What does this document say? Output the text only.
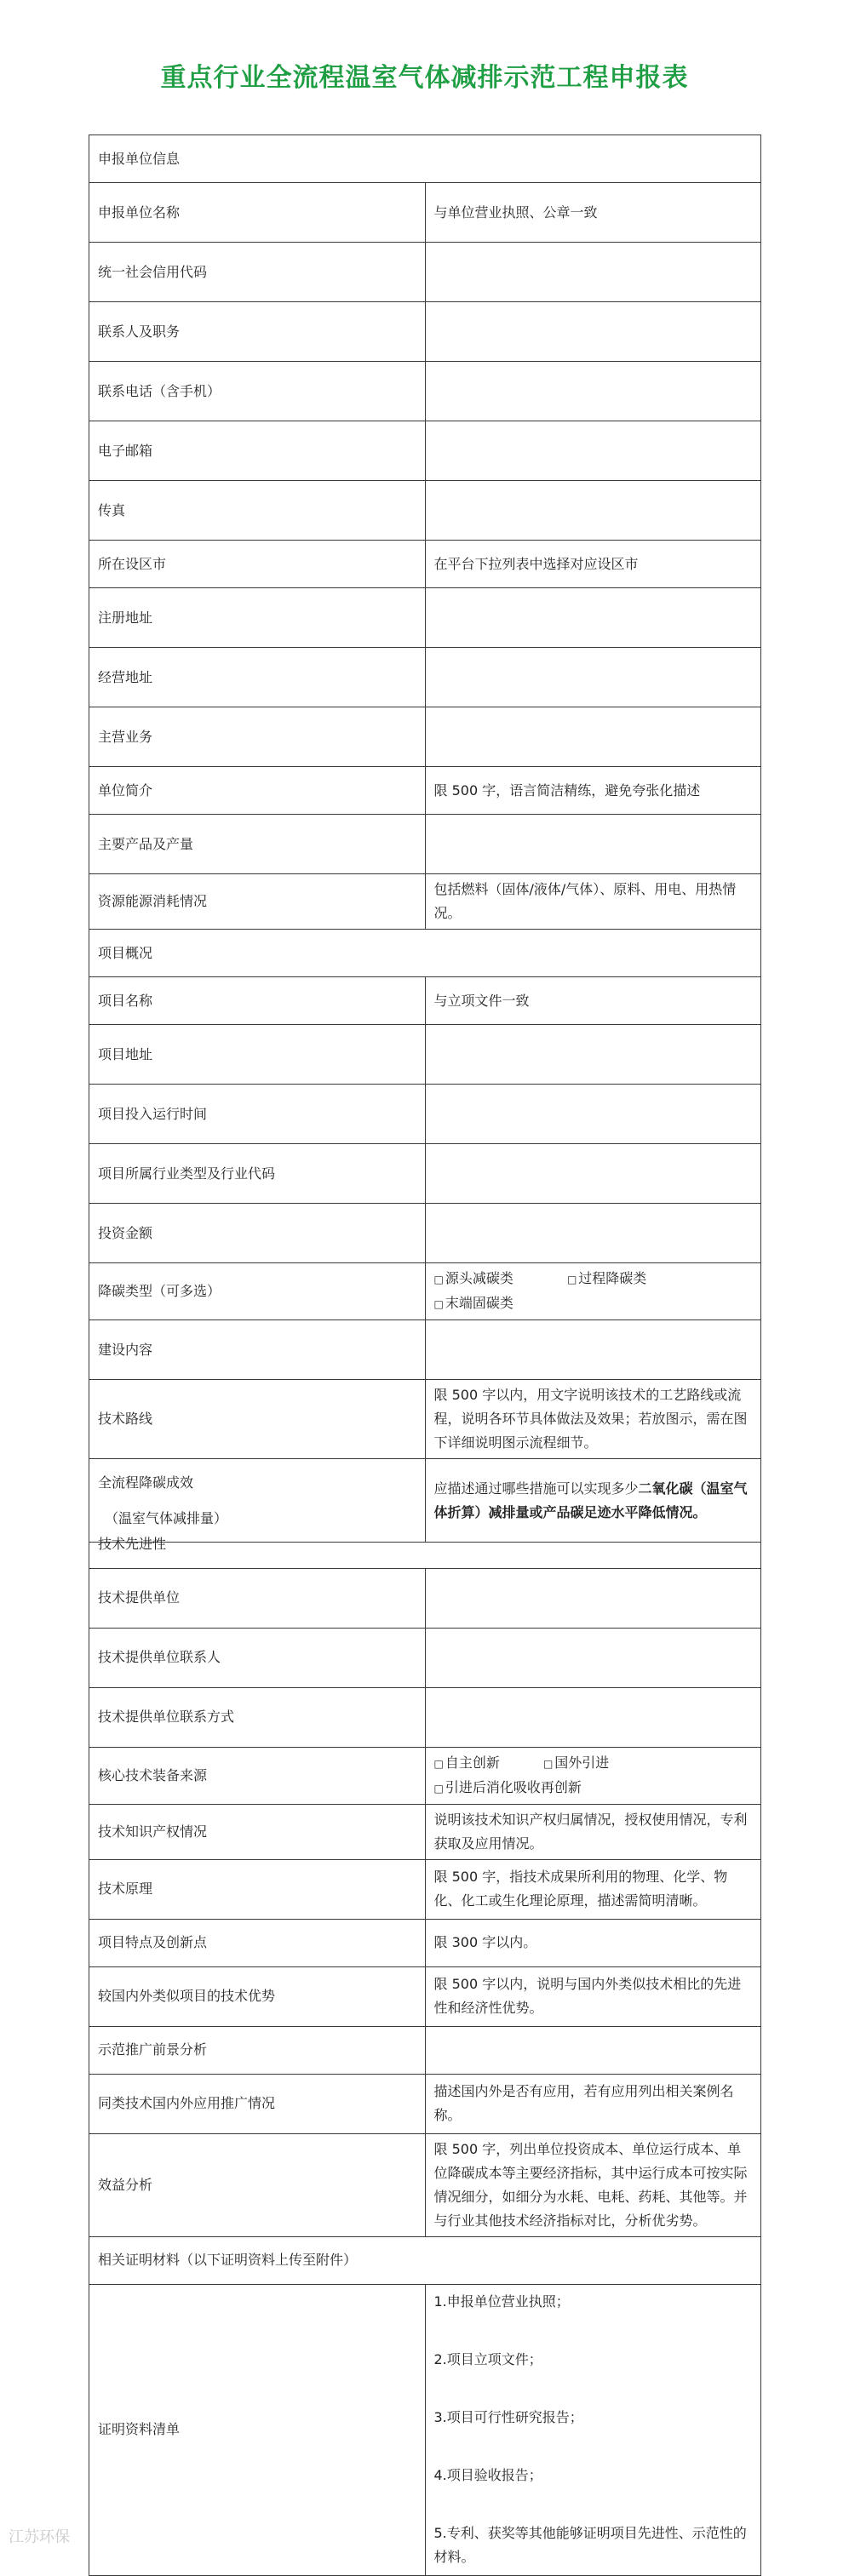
重点行业全流程温室气体减排示范工程申报表
申报单位信息	
申报单位名称	与单位营业执照、公章一致
统一社会信用代码	
联系人及职务	
联系电话（含手机）	
电子邮箱	
传真	
所在设区市	在平台下拉列表中选择对应设区市
注册地址	
经营地址	
主营业务	
单位简介	限 500 字，语言简洁精练，避免夸张化描述
主要产品及产量	
资源能源消耗情况	包括燃料（固体/液体/气体）、原料、用电、用热情况。
项目概况	
项目名称	与立项文件一致
项目地址	
项目投入运行时间	
项目所属行业类型及行业代码	
投资金额	
降碳类型（可多选）	□ 源头减碳类 □ 过程降碳类 □ 末端固碳类
建设内容	
技术路线	限 500 字以内，用文字说明该技术的工艺路线或流程，说明各环节具体做法及效果；若放图示，需在图下详细说明图示流程细节。

全流程降碳成效
（温室气体减排量）	应描述通过哪些措施可以实现多少二氧化碳（温室气体折算）减排量或产品碳足迹水平降低情况。
技术先进性	
技术提供单位	
技术提供单位联系人	
技术提供单位联系方式	
核心技术装备来源	□ 自主创新 □ 国外引进 □ 引进后消化吸收再创新
技术知识产权情况	说明该技术知识产权归属情况，授权使用情况，专利获取及应用情况。
技术原理	限 500 字，指技术成果所利用的物理、化学、物化、化工或生化理论原理，描述需简明清晰。
项目特点及创新点	限 300 字以内。
较国内外类似项目的技术优势	限 500 字以内，说明与国内外类似技术相比的先进性和经济性优势。
示范推广前景分析	
同类技术国内外应用推广情况	描述国内外是否有应用，若有应用列出相关案例名称。
效益分析	限 500 字，列出单位投资成本、单位运行成本、单位降碳成本等主要经济指标，其中运行成本可按实际情况细分，如细分为水耗、电耗、药耗、其他等。并与行业其他技术经济指标对比，分析优劣势。
相关证明材料（以下证明资料上传至附件）	
证明资料清单	1.申报单位营业执照；
2.项目立项文件；
3.项目可行性研究报告；
4.项目验收报告；
5.专利、获奖等其他能够证明项目先进性、示范性的材料。
江苏环保
